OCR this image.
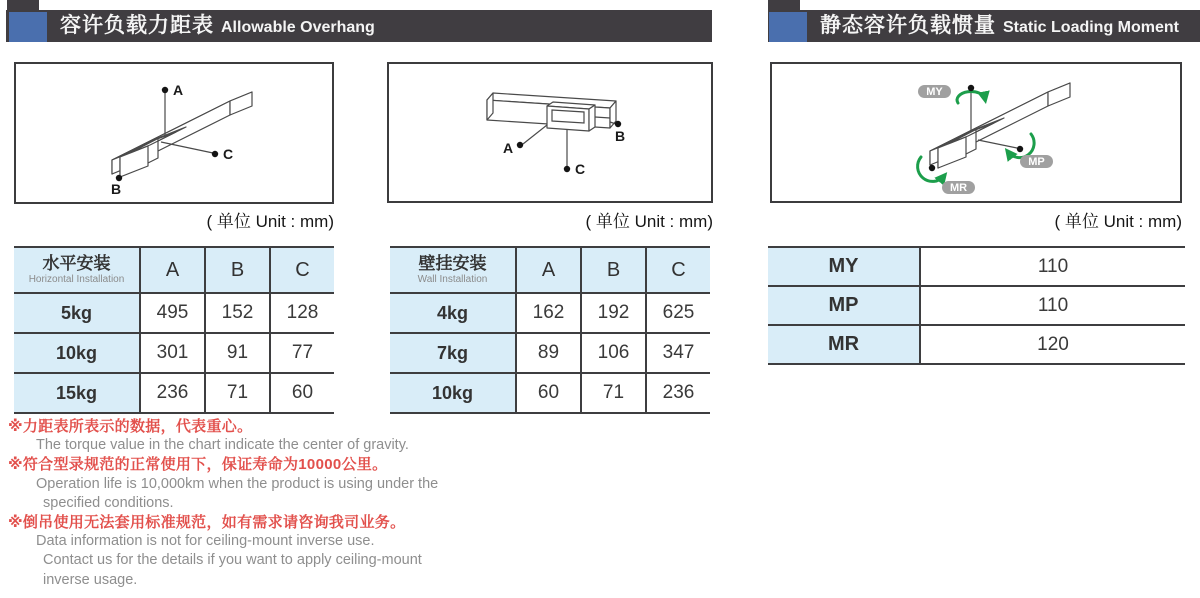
容许负载力距表 Allowable Overhang	静态容许负载惯量 Static Loading Moment
A
C
B
( 单位 Unit : mm)
A
B
C
( 单位 Unit : mm)
MY
MP
MR
( 单位 Unit : mm)
水平安装
Horizontal Installation	A	B	C
5kg	495	152	128
10kg	301	91	77
15kg	236	71	60
壁挂安装
Wall Installation	A	B	C
4kg	162	192	625
7kg	89	106	347
10kg	60	71	236
MY	110
MP	110
MR	120
※力距表所表示的数据，代表重心。
The torque value in the chart indicate the center of gravity.
※符合型录规范的正常使用下，保证寿命为10000公里。
Operation life is 10,000km when the product is using under the
specified conditions.
※倒吊使用无法套用标准规范，如有需求请咨询我司业务。
Data information is not for ceiling-mount inverse use.
Contact us for the details if you want to apply ceiling-mount
inverse usage.
